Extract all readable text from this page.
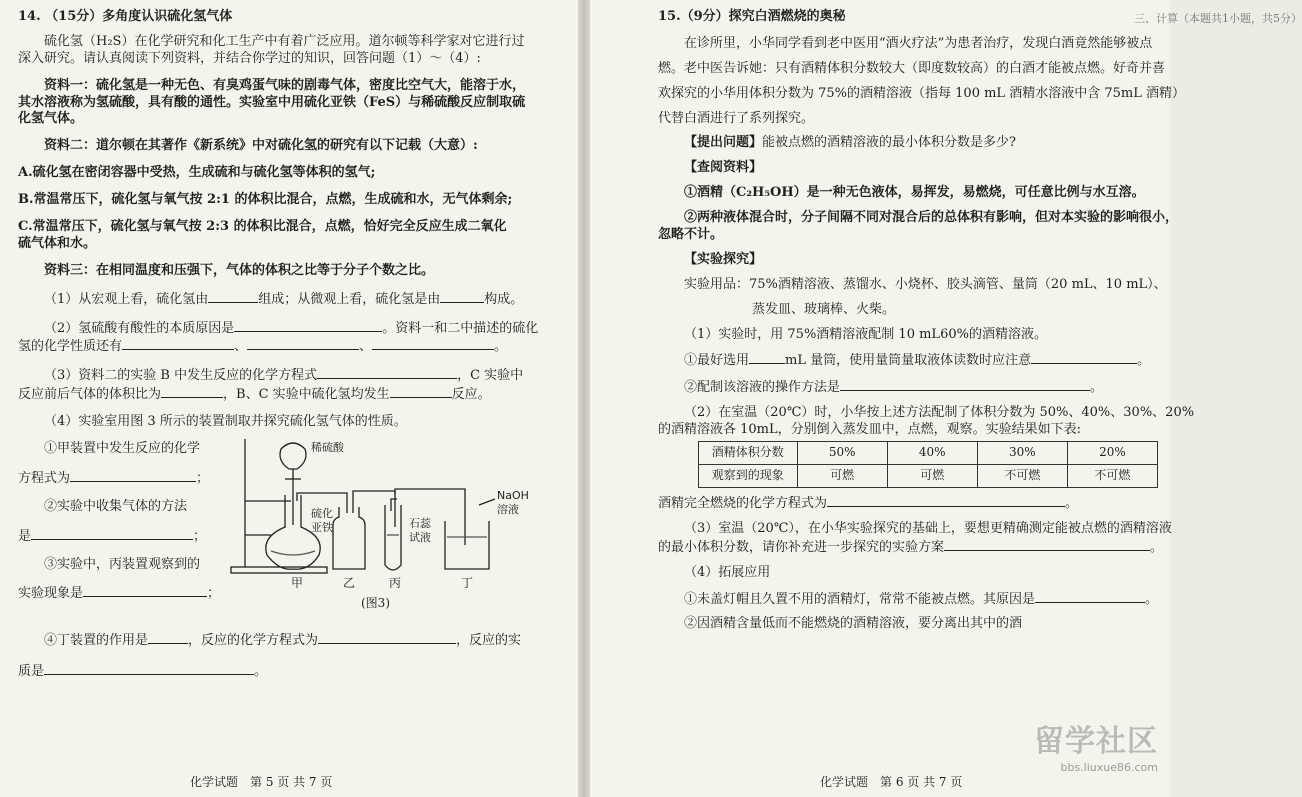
14. （15分）多角度认识硫化氢气体
硫化氢（H₂S）在化学研究和化工生产中有着广泛应用。道尔顿等科学家对它进行过
深入研究。请认真阅读下列资料，并结合你学过的知识，回答问题（1）～（4）:
资料一：硫化氢是一种无色、有臭鸡蛋气味的剧毒气体，密度比空气大，能溶于水，
其水溶液称为氢硫酸，具有酸的通性。实验室中用硫化亚铁（FeS）与稀硫酸反应制取硫
化氢气体。
资料二：道尔顿在其著作《新系统》中对硫化氢的研究有以下记载（大意）:
A.硫化氢在密闭容器中受热，生成硫和与硫化氢等体积的氢气;
B.常温常压下，硫化氢与氧气按 2:1 的体积比混合，点燃，生成硫和水，无气体剩余;
C.常温常压下，硫化氢与氧气按 2:3 的体积比混合，点燃，恰好完全反应生成二氧化
硫气体和水。
资料三：在相同温度和压强下，气体的体积之比等于分子个数之比。
（1）从宏观上看，硫化氢由	组成；从微观上看，硫化氢是由	构成。
（2）氢硫酸有酸性的本质原因是	。资料一和二中描述的硫化
氢的化学性质还有	、	、	。
（3）资料二的实验 B 中发生反应的化学方程式	，C 实验中
反应前后气体的体积比为	，B、C 实验中硫化氢均发生	反应。
（4）实验室用图 3 所示的装置制取并探究硫化氢气体的性质。
①甲装置中发生反应的化学
方程式为	；
②实验中收集气体的方法
是	；
③实验中，丙装置观察到的
实验现象是	；
稀硫酸
硫化
亚铁	石蕊
试液
NaOH
溶液
甲	乙	丙	丁
(图3)
④丁装置的作用是	，反应的化学方程式为	，反应的实
质是	。
化学试题　第 5 页 共 7 页
三、计算（本题共1小题，共5分）
15.（9分）探究白酒燃烧的奥秘
在诊所里，小华同学看到老中医用“酒火疗法”为患者治疗，发现白酒竟然能够被点
燃。老中医告诉她：只有酒精体积分数较大（即度数较高）的白酒才能被点燃。好奇并喜
欢探究的小华用体积分数为 75%的酒精溶液（指每 100 mL 酒精水溶液中含 75mL 酒精）
代替白酒进行了系列探究。
【提出问题】能被点燃的酒精溶液的最小体积分数是多少?
【查阅资料】
①酒精（C₂H₅OH）是一种无色液体，易挥发，易燃烧，可任意比例与水互溶。
②两种液体混合时，分子间隔不同对混合后的总体积有影响，但对本实验的影响很小，
忽略不计。
【实验探究】
实验用品：75%酒精溶液、蒸馏水、小烧杯、胶头滴管、量筒（20 mL、10 mL）、
蒸发皿、玻璃棒、火柴。
（1）实验时，用 75%酒精溶液配制 10 mL60%的酒精溶液。
①最好选用	mL 量筒，使用量筒量取液体读数时应注意	。
②配制该溶液的操作方法是	。
（2）在室温（20℃）时，小华按上述方法配制了体积分数为 50%、40%、30%、20%
的酒精溶液各 10mL，分别倒入蒸发皿中，点燃，观察。实验结果如下表:
酒精体积分数	50%	40%	30%	20%
观察到的现象	可燃	可燃	不可燃	不可燃
酒精完全燃烧的化学方程式为	。
（3）室温（20℃），在小华实验探究的基础上，要想更精确测定能被点燃的酒精溶液
的最小体积分数，请你补充进一步探究的实验方案	。
（4）拓展应用
①未盖灯帽且久置不用的酒精灯，常常不能被点燃。其原因是	。
②因酒精含量低而不能燃烧的酒精溶液，要分离出其中的酒
化学试题　第 6 页 共 7 页
留学社区
bbs.liuxue86.com
